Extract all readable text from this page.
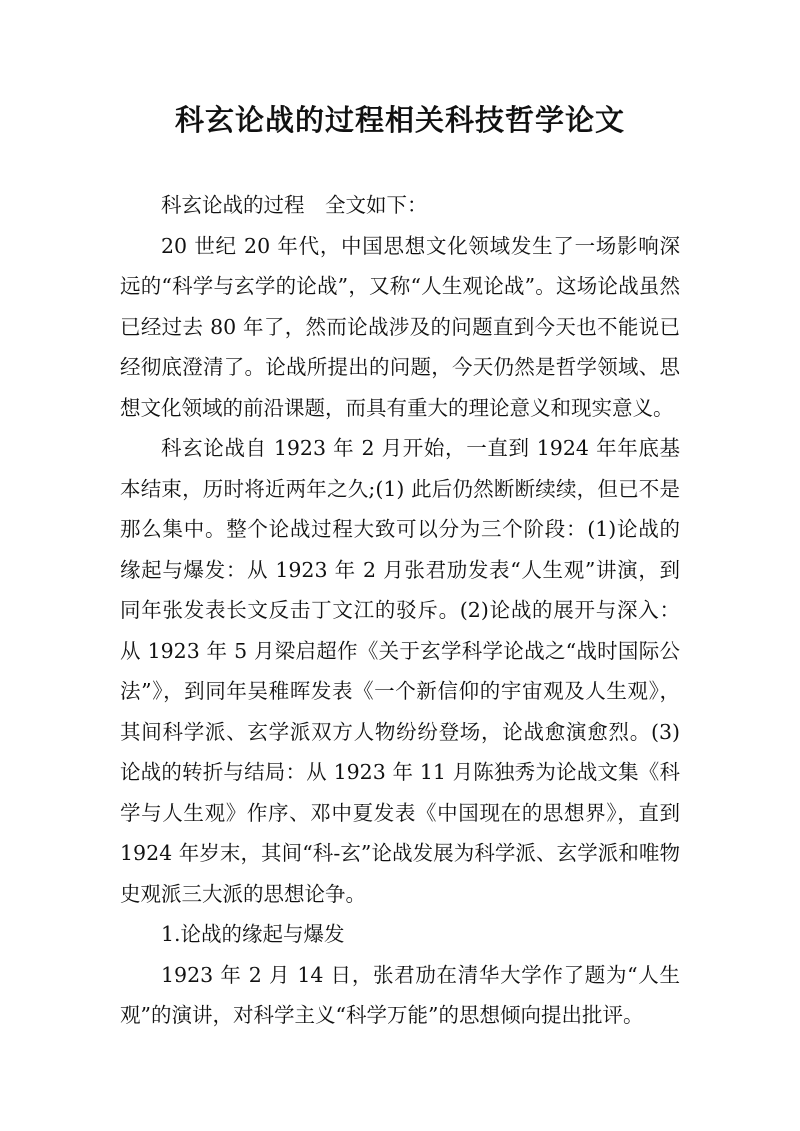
科玄论战的过程相关科技哲学论文

科玄论战的过程　全文如下：

20 世纪 20 年代，中国思想文化领域发生了一场影响深远的“科学与玄学的论战”，又称“人生观论战”。这场论战虽然已经过去 80 年了，然而论战涉及的问题直到今天也不能说已经彻底澄清了。论战所提出的问题，今天仍然是哲学领域、思想文化领域的前沿课题，而具有重大的理论意义和现实意义。

科玄论战自 1923 年 2 月开始，一直到 1924 年年底基本结束，历时将近两年之久;(1) 此后仍然断断续续，但已不是那么集中。整个论战过程大致可以分为三个阶段：(1)论战的缘起与爆发：从 1923 年 2 月张君劢发表“人生观”讲演，到同年张发表长文反击丁文江的驳斥。(2)论战的展开与深入：从 1923 年 5 月梁启超作《关于玄学科学论战之“战时国际公法”》，到同年吴稚晖发表《一个新信仰的宇宙观及人生观》，其间科学派、玄学派双方人物纷纷登场，论战愈演愈烈。(3)论战的转折与结局：从 1923 年 11 月陈独秀为论战文集《科学与人生观》作序、邓中夏发表《中国现在的思想界》，直到 1924 年岁末，其间“科-玄”论战发展为科学派、玄学派和唯物史观派三大派的思想论争。

1.论战的缘起与爆发

1923 年 2 月 14 日，张君劢在清华大学作了题为“人生观”的演讲，对科学主义“科学万能”的思想倾向提出批评。
